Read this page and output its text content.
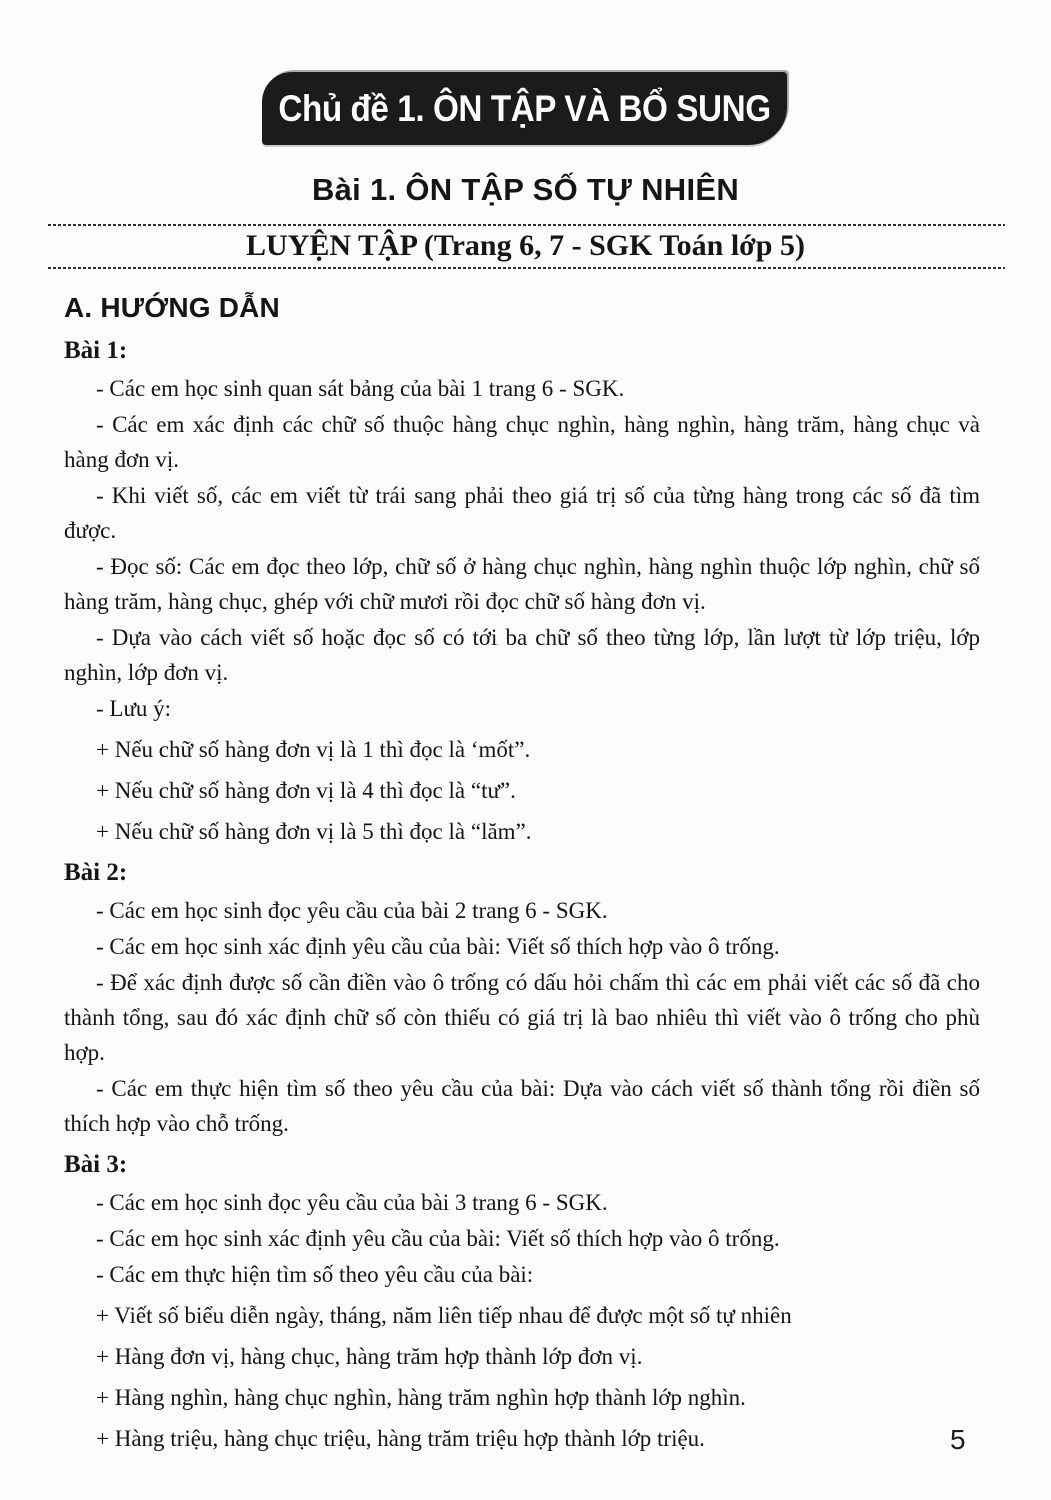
Chủ đề 1. ÔN TẬP VÀ BỔ SUNG
Bài 1. ÔN TẬP SỐ TỰ NHIÊN
LUYỆN TẬP (Trang 6, 7 - SGK Toán lớp 5)
A. HƯỚNG DẪN
Bài 1:

- Các em học sinh quan sát bảng của bài 1 trang 6 - SGK.

- Các em xác định các chữ số thuộc hàng chục nghìn, hàng nghìn, hàng trăm, hàng chục và hàng đơn vị.

- Khi viết số, các em viết từ trái sang phải theo giá trị số của từng hàng trong các số đã tìm được.

- Đọc số: Các em đọc theo lớp, chữ số ở hàng chục nghìn, hàng nghìn thuộc lớp nghìn, chữ số hàng trăm, hàng chục, ghép với chữ mươi rồi đọc chữ số hàng đơn vị.

- Dựa vào cách viết số hoặc đọc số có tới ba chữ số theo từng lớp, lần lượt từ lớp triệu, lớp nghìn, lớp đơn vị.

- Lưu ý:

+ Nếu chữ số hàng đơn vị là 1 thì đọc là ‘mốt”.

+ Nếu chữ số hàng đơn vị là 4 thì đọc là “tư”.

+ Nếu chữ số hàng đơn vị là 5 thì đọc là “lăm”.

Bài 2:

- Các em học sinh đọc yêu cầu của bài 2 trang 6 - SGK.

- Các em học sinh xác định yêu cầu của bài: Viết số thích hợp vào ô trống.

- Để xác định được số cần điền vào ô trống có dấu hỏi chấm thì các em phải viết các số đã cho thành tổng, sau đó xác định chữ số còn thiếu có giá trị là bao nhiêu thì viết vào ô trống cho phù hợp.

- Các em thực hiện tìm số theo yêu cầu của bài: Dựa vào cách viết số thành tổng rồi điền số thích hợp vào chỗ trống.

Bài 3:

- Các em học sinh đọc yêu cầu của bài 3 trang 6 - SGK.

- Các em học sinh xác định yêu cầu của bài: Viết số thích hợp vào ô trống.

- Các em thực hiện tìm số theo yêu cầu của bài:

+ Viết số biểu diễn ngày, tháng, năm liên tiếp nhau để được một số tự nhiên

+ Hàng đơn vị, hàng chục, hàng trăm hợp thành lớp đơn vị.

+ Hàng nghìn, hàng chục nghìn, hàng trăm nghìn hợp thành lớp nghìn.

+ Hàng triệu, hàng chục triệu, hàng trăm triệu hợp thành lớp triệu.	5
